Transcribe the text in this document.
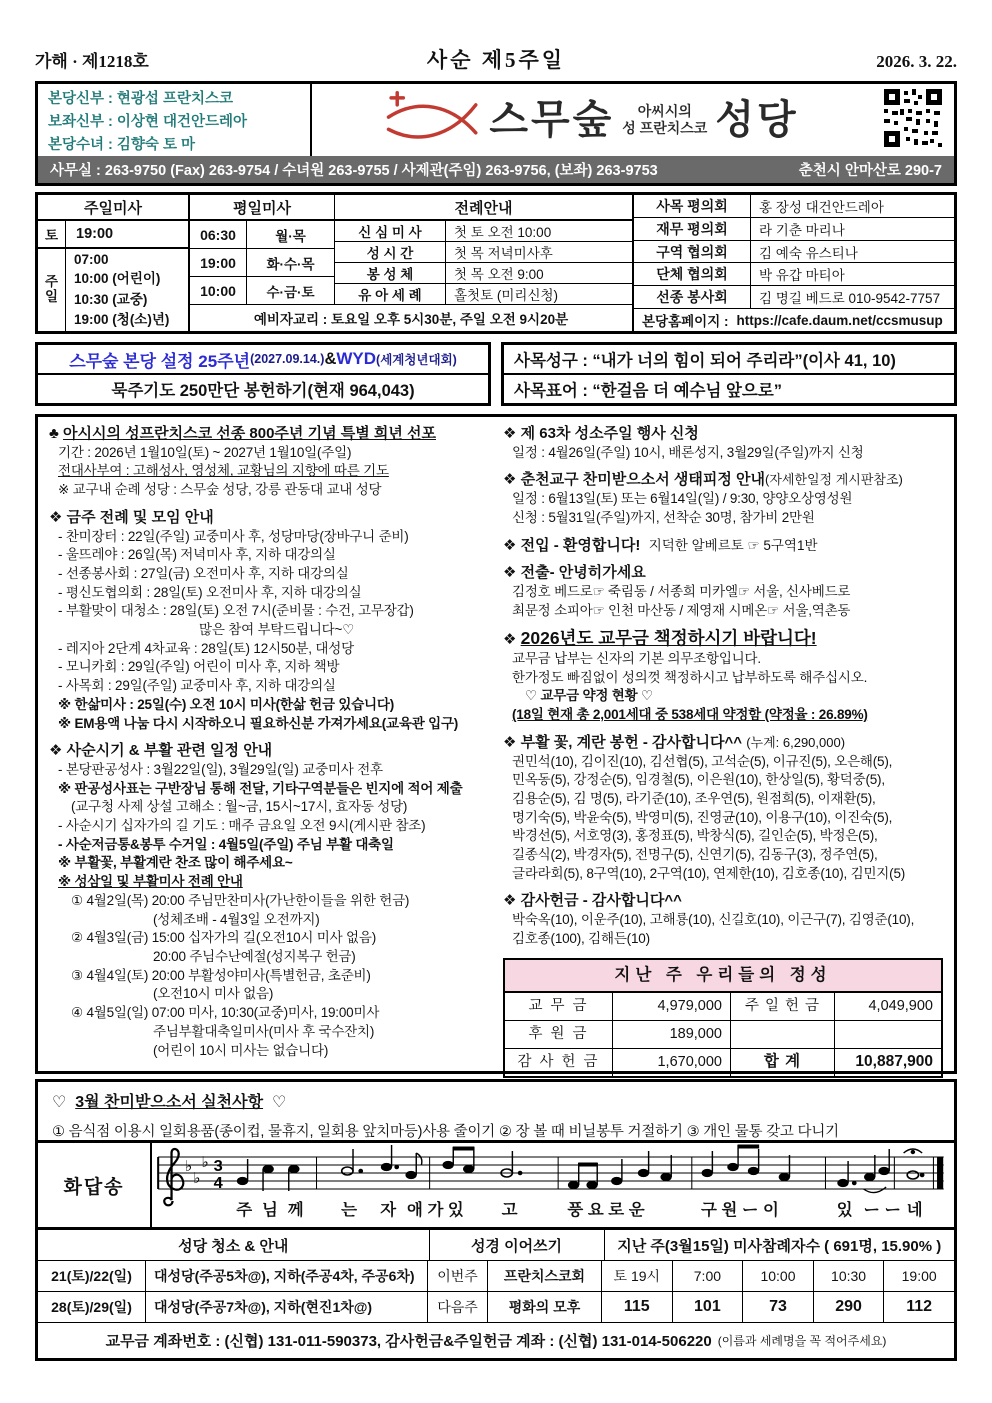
가해 · 제1218호	사순 제5주일	2026. 3. 22.
본당신부 : 현광섭 프란치스코
보좌신부 : 이상현 대건안드레아
본당수녀 : 김향숙 토 마
스무숲	아씨시의
성 프란치스코 성당
사무실 : 263-9750 (Fax) 263-9754 / 수녀원 263-9755 / 사제관(주임) 263-9756, (보좌) 263-9753	춘천시 안마산로 290-7
주일미사
토	19:00
주
일
07:00
10:00 (어린이)
10:30 (교중)
19:00 (청(소)년)
평일미사	전례안내
06:30	월·목
19:00	화·수·목
10:00	수·금·토
신 심 미 사	첫 토 오전 10:00
성 시 간	첫 목 저녁미사후
봉 성 체	첫 목 오전 9:00
유 아 세 례	홀첫토 (미리신청)
예비자교리 : 토요일 오후 5시30분, 주일 오전 9시20분
사목 평의회	홍 장성 대건안드레아
재무 평의회	라 기춘 마리나
구역 협의회	김 예숙 유스티나
단체 협의회	박 유갑 마티아
선종 봉사회	김 명길 베드로 010-9542-7757
본당홈페이지 : https://cafe.daum.net/ccsmusup
스무숲 본당 설정 25주년 (2027.09.14.) & WYD (세계청년대회)
묵주기도 250만단 봉헌하기(현재 964,043)
사목성구 : “내가 너의 힘이 되어 주리라”(이사 41, 10)
사목표어 : “한걸음 더 예수님 앞으로”
♣ 아시시의 성프란치스코 선종 800주년 기념 특별 희년 선포
기간 : 2026년 1월10일(토) ~ 2027년 1월10일(주일)
전대사부여 : 고해성사, 영성체, 교황님의 지향에 따른 기도
※ 교구내 순례 성당 : 스무숲 성당, 강릉 관동대 교내 성당
❖ 금주 전례 및 모임 안내
- 찬미장터 : 22일(주일) 교중미사 후, 성당마당(장바구니 준비)
- 울뜨레야 : 26일(목) 저녁미사 후, 지하 대강의실
- 선종봉사회 : 27일(금) 오전미사 후, 지하 대강의실
- 평신도협의회 : 28일(토) 오전미사 후, 지하 대강의실
- 부활맞이 대청소 : 28일(토) 오전 7시(준비물 : 수건, 고무장갑)
많은 참여 부탁드립니다~♡
- 레지아 2단계 4차교육 : 28일(토) 12시50분, 대성당
- 모니카회 : 29일(주일) 어린이 미사 후, 지하 책방
- 사목회 : 29일(주일) 교중미사 후, 지하 대강의실
※ 한삶미사 : 25일(수) 오전 10시 미사(한삶 헌금 있습니다)
※ EM용액 나눔 다시 시작하오니 필요하신분 가져가세요(교육관 입구)
❖ 사순시기 & 부활 관련 일정 안내
- 본당판공성사 : 3월22일(일), 3월29일(일) 교중미사 전후
※ 판공성사표는 구반장님 통해 전달, 기타구역분들은 빈지에 적어 제출
(교구청 사제 상설 고해소 : 월~금, 15시~17시, 효자동 성당)
- 사순시기 십자가의 길 기도 : 매주 금요일 오전 9시(게시판 참조)
- 사순저금통&봉투 수거일 : 4월5일(주일) 주님 부활 대축일
※ 부활꽃, 부활계란 찬조 많이 해주세요~
※ 성삼일 및 부활미사 전례 안내
① 4월2일(목) 20:00 주님만찬미사(가난한이들을 위한 헌금)
(성체조배 - 4월3일 오전까지)
② 4월3일(금) 15:00 십자가의 길(오전10시 미사 없음)
20:00 주님수난예절(성지복구 헌금)
③ 4월4일(토) 20:00 부활성야미사(특별헌금, 초준비)
(오전10시 미사 없음)
④ 4월5일(일) 07:00 미사, 10:30(교중)미사, 19:00미사
주님부활대축일미사(미사 후 국수잔치)
(어린이 10시 미사는 없습니다)
❖ 제 63차 성소주일 행사 신청
일정 : 4월26일(주일) 10시, 배론성지, 3월29일(주일)까지 신청
❖ 춘천교구 찬미받으소서 생태피정 안내(자세한일정 게시판참조)
일정 : 6월13일(토) 또는 6월14일(일) / 9:30, 양양오상영성원
신청 : 5월31일(주일)까지, 선착순 30명, 참가비 2만원
❖ 전입 - 환영합니다! 지덕한 알베르토 ☞ 5구역1반
❖ 전출- 안녕히가세요
김정호 베드로☞ 죽림동 / 서종희 미카엘☞ 서울, 신사베드로
최문정 소피아☞ 인천 마산동 / 제영재 시메온☞ 서울,역촌동
❖ 2026년도 교무금 책정하시기 바랍니다!
교무금 납부는 신자의 기본 의무조항입니다.
한가정도 빠짐없이 성의껏 책정하시고 납부하도록 해주십시오.
♡ 교무금 약정 현황 ♡
(18일 현재 총 2,001세대 중 538세대 약정함 (약정율 : 26.89%)
❖ 부활 꽃, 계란 봉헌 - 감사합니다^^ (누계: 6,290,000)
권민석(10), 김이진(10), 김선협(5), 고석순(5), 이규진(5), 오은해(5),
민옥동(5), 강정순(5), 임경철(5), 이은원(10), 한상일(5), 황덕중(5),
김용순(5), 김 명(5), 라기준(10), 조우연(5), 원점희(5), 이재환(5),
명기숙(5), 박윤숙(5), 박영미(5), 진영균(10), 이용구(10), 이진숙(5),
박경선(5), 서호영(3), 홍정표(5), 박창식(5), 길인순(5), 박정은(5),
길종식(2), 박경자(5), 전명구(5), 신연기(5), 김동구(3), 정주연(5),
글라라회(5), 8구역(10), 2구역(10), 연제한(10), 김호종(10), 김민지(5)
❖ 감사헌금 - 감사합니다^^
박숙옥(10), 이운주(10), 고해룡(10), 신길호(10), 이근구(7), 김영준(10),
김호종(100), 김해든(10)
지난 주 우리들의 정성
교 무 금	4,979,000	주 일 헌 금	4,049,900
후 원 금	189,000
감 사 헌 금	1,670,000	합 계	10,887,900
♡ 3월 찬미받으소서 실천사항 ♡
① 음식점 이용시 일회용품(종이컵, 물휴지, 일회용 앞치마등)사용 줄이기 ② 장 볼 때 비닐봉투 거절하기 ③ 개인 물통 갖고 다니기
화답송
♭
♭
♭ 3
4
주 님 께 는 자 애 가 있 고	풍 요 로 운	구 원 ー 이	있 ー ー 네
성당 청소 & 안내	성경 이어쓰기	지난 주(3월15일) 미사참례자수 ( 691명, 15.90% )
21(토)/22(일)	대성당(주공5차@), 지하(주공4차, 주공6차)	이번주	프란치스코회	토 19시	7:00	10:00	10:30	19:00
28(토)/29(일)	대성당(주공7차@), 지하(현진1차@)	다음주	평화의 모후	115	101	73	290	112
교무금 계좌번호 : (신협) 131-011-590373, 감사헌금&주일헌금 계좌 : (신협) 131-014-506220 (이름과 세례명을 꼭 적어주세요)
